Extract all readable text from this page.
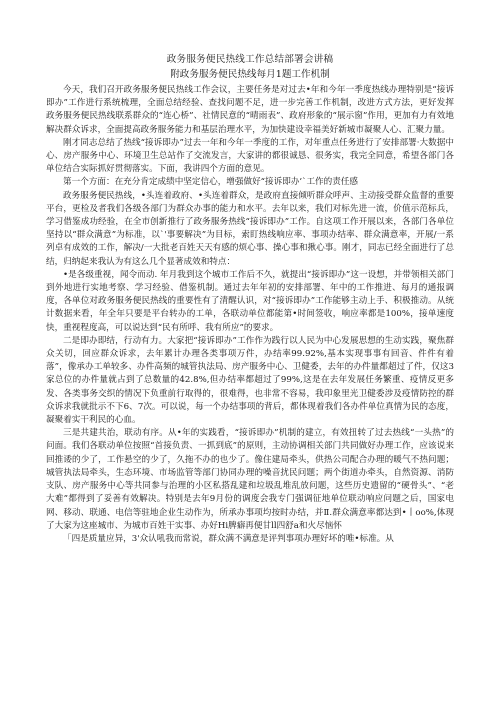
政务服务便民热线工作总结部署会讲稿
附政务服务便民热线每月1题工作机制

今天，我们召开政务服务便民热线工作会议，主要任务是对过去•年和今年一季度热线办理特别是“接诉即办”工作进行系统梳理，全面总结经验、查找问题不足，进一步完善工作机制，改进方式方法，更好发挥政务服务便民热线联系群众的“连心桥”、社情民意的“晴雨表”、政府形象的“展示窗”作用，更加有力有效地解决群众诉求，全面提高政务服务能力和基层治理水平，为加快建设幸福美好新城市凝聚人心、汇聚力量。

刚才同志总结了热线“接诉即办”过去一年和今年一季度的工作，对年重点任务进行了安排部署·大数据中心、房产服务中心、环境卫生总站作了交流发言，大家讲的都很诚恳、很务实，我完全同意，希望各部门各单位结合实际抓好贯彻落实。下面，我讲四个方面的意见。

第一个方面：在充分肯定成绩中坚定信心，增强做好“接诉即办’`工作的责任感

政务服务便民热线，•头连着政府、•头连着群众，是政府直接倾听群众呼声、主动接受群众监督的重要平台，更检及者我们各级各部门为群众办事的能力和水平。去年以来，我们对标先进一流，价值示范标兵，学习借鉴成功经验，在全市创新推行了政务服务热线“接诉即办”工作。自这项工作开展以来，各部门各单位坚持以“群众满意”为标准，以`'事要解决”为目标，索盯热线响应率、事项办结率、群众满意率，开展/一系列卓有成效的工作，解决/一大批老百姓天天有感的烦心事、操心事和揪心事。刚才，同志已经全面进行了总结，归纳起来我认为有这么几个显著成效和特点：

•是各级重视，闻令而动. 年月我到这个城市工作后不久，就提出“接诉即办”这一设想，并带领相关部门到外地进行实地考察、学习经验、借鉴机制。通过去年年初的安排部署、年中的工作推进、每月的通报调度，各单位对政务服务便民热线的重要性有了清醒认识，对“接诉即办”工作能够主动上手、积极推动。从统计数据来看，年全年只要是平台转办的工单，各联动单位都能第•时间签收，响应率都是100%，接单速度快，重视程度高，可以说达到“民有所呼、我有所应”的要求。

二是即办即结，行动有力。大家把“接诉即办”工作作为践行以人民为中心发展思想的生动实践，聚焦群众关切，回应群众诉求，去年累计办理各类事项万件，办结率99.92%,基本实现事事有回音、件件有着落”，像承办工单较多、办件高频的城管执法局、房产服务中心、卫健委，去年的办件量都超过了件，仅这3家总位的办件量就占到了总数量的42.8%,但办结率都超过了99%,这是在去年发展任务繁重、疫情反更多发、各类事务交织的情况下负重前行取得的，很难得，也非常不容易，我印象里光卫健委涉及疫情防控的群众诉求我就批示不下6、7次。可以说，每一个办结事项的背后，都体现着我们各办件单位真情为民的态度，凝聚着实干利民的心血。

三是共建共治，联动有序。从•年的实践看，“接诉即办”机制的建立，有效扭转了过去热线“一头热”的问面。我们各联动单位按照“首接负责、一抓到底”的原则，主动协调相关部门共同做好办理工作，应该说来回推诿的少了，工作悬空的少了，久拖不办的也少了。像住建局牵头，供热公司配合办理的暖气不热问题；城管执法局牵头，生态环境、市场监管等部门协同办理的噪音扰民问题；两个街道办牵头，自然资源、消防支队、房产服务中心等共同参与治理的小区私搭乱建和垃圾乱堆乱放问题，这些历史遗留的“硬骨头”、“老大难”都得到了妥善有效解决。特别是去年9月份的调度会我专门强调征地单位联动响应问题之后，国家电网、移动、联通、电信等驻地企业生动作为，所承办事项均按时办结，并Ⅱ.群众满意率都达到•丨oo%,体现了大家为这座城市、为城市百姓干实事、办好Hi脾癖再便甘ll四舒a和火尽恼怀

「四是质量应异，3'众认吼我而常说，群众满不满意是评判事项办理好坏的唯•标准。从
